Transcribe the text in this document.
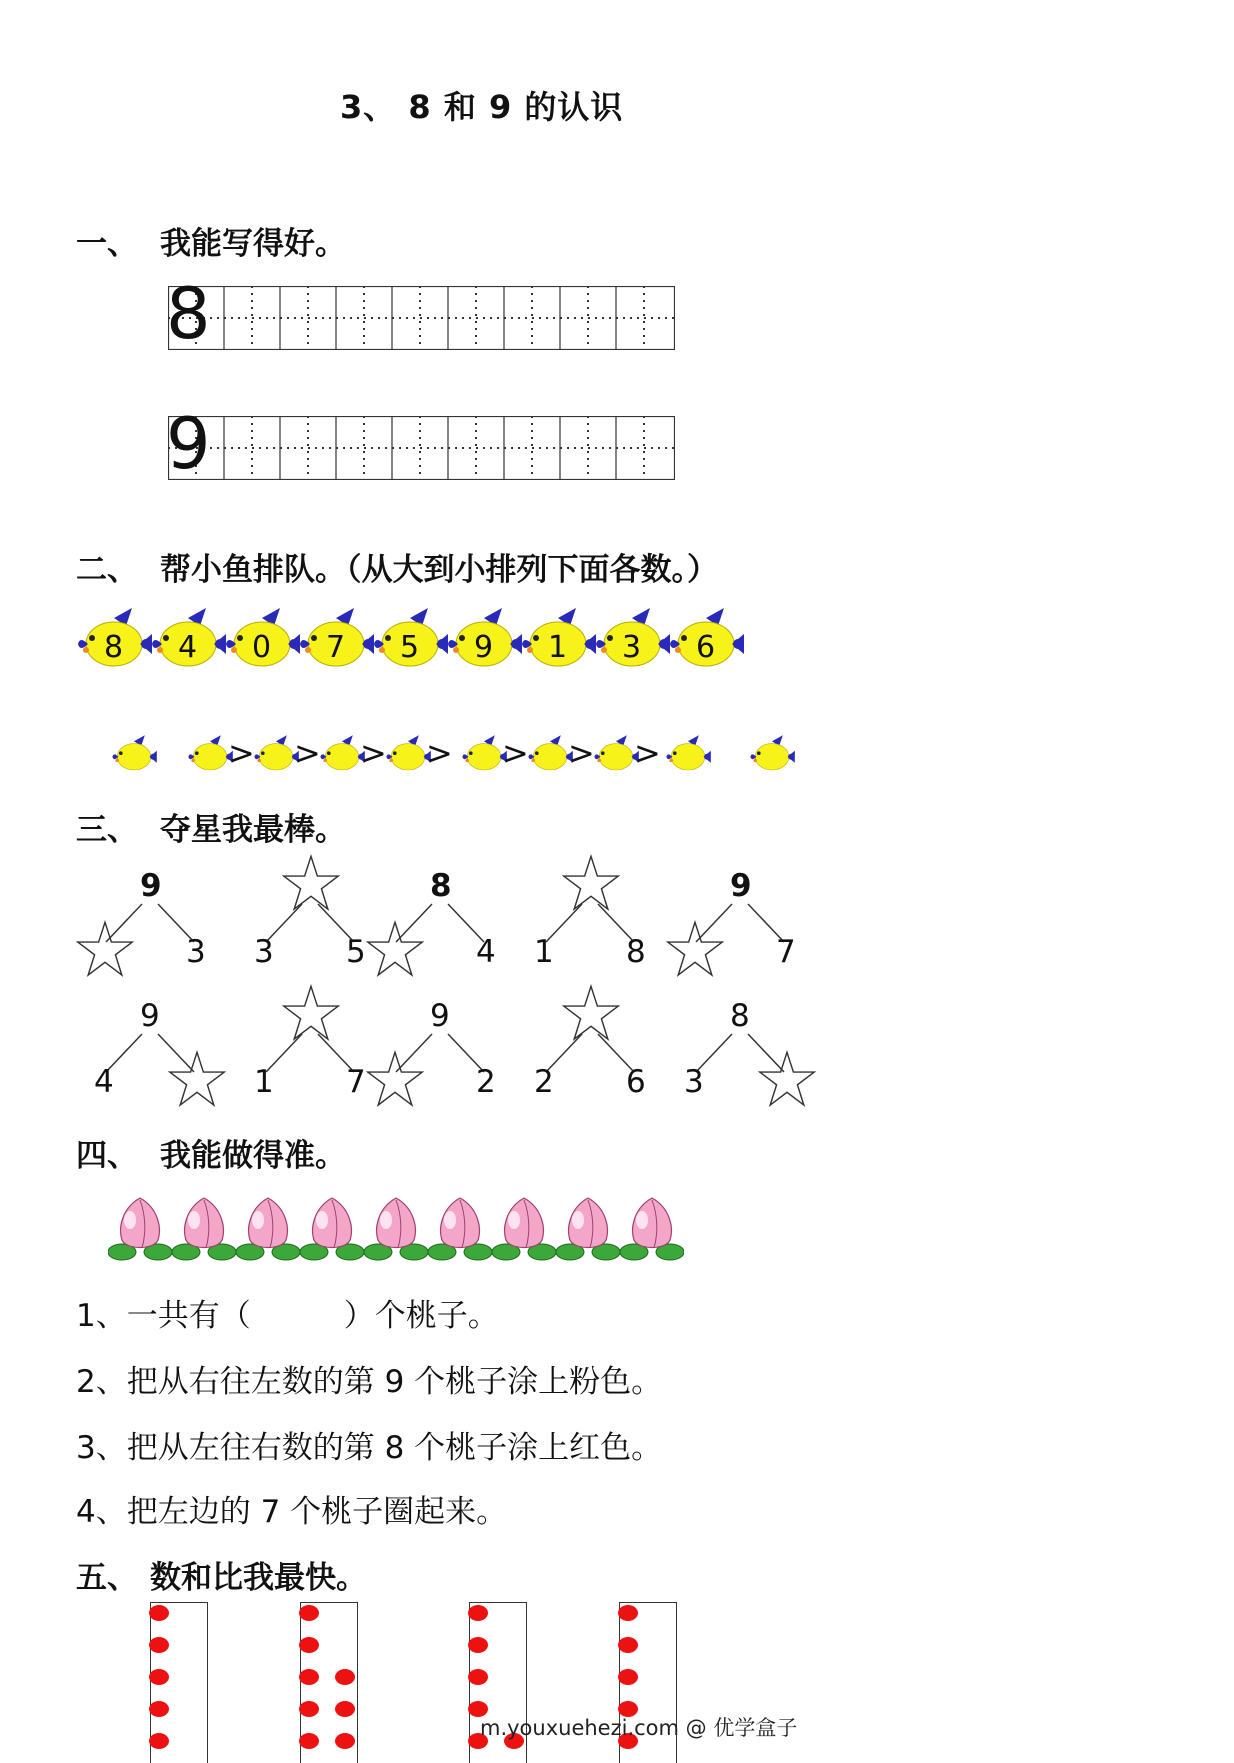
3、 8 和 9 的认识
一、 我能写得好。
8
9
二、 帮小鱼排队。（从大到小排列下面各数。）
8 4 0 7 5 9 1 3 6
> > > > > > >
三、 夺星我最棒。
9
3 3 5
8
4 1 8
9
7
9
4	1 7
9
2 2 6
8
3
四、 我能做得准。
1、一共有（　　　）个桃子。
2、把从右往左数的第 9 个桃子涂上粉色。
3、把从左往右数的第 8 个桃子涂上红色。
4、把左边的 7 个桃子圈起来。
五、 数和比我最快。
m.youxuehezi.com @ 优学盒子
